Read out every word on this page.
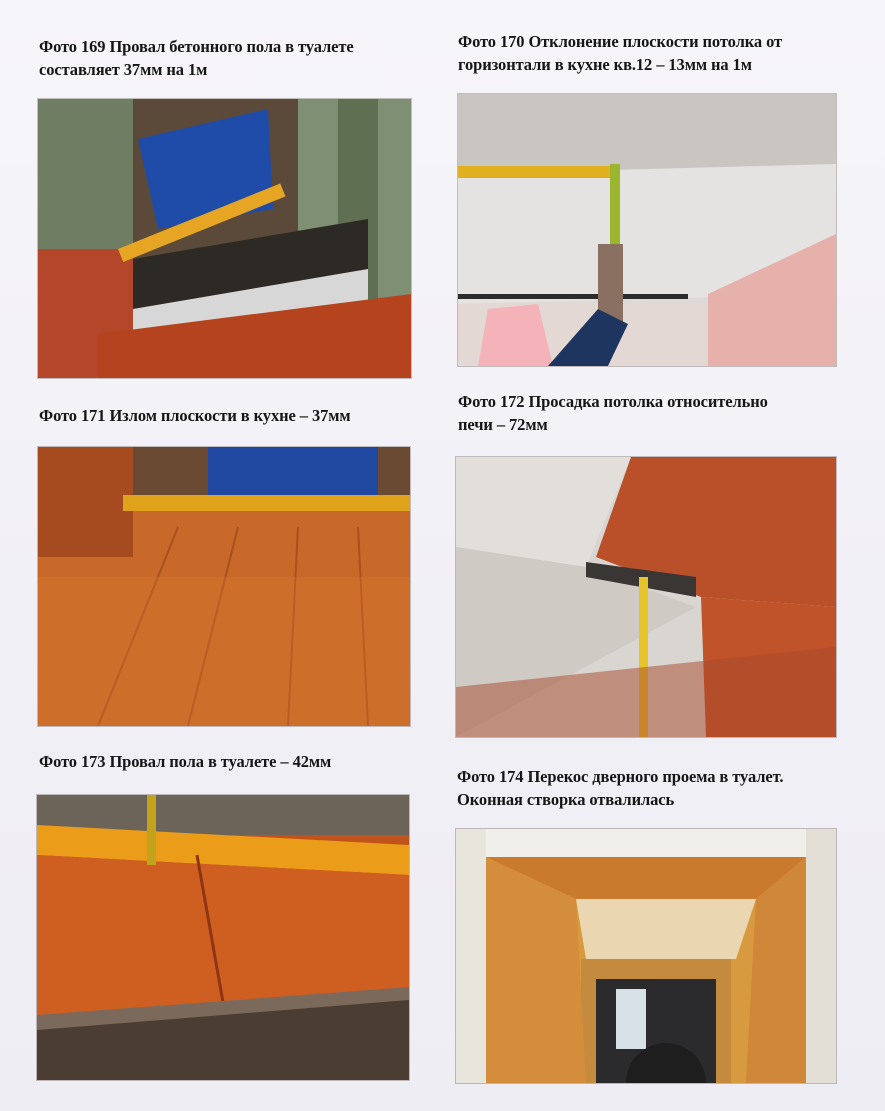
Фото 169 Провал бетонного пола в туалете
составляет 37мм на 1м
Фото 170 Отклонение плоскости потолка от
горизонтали в кухне кв.12 – 13мм на 1м
Фото 171 Излом плоскости в кухне – 37мм
Фото 172 Просадка потолка относительно
печи – 72мм
Фото 173 Провал пола в туалете – 42мм
Фото 174 Перекос дверного проема в туалет.
Оконная створка отвалилась
